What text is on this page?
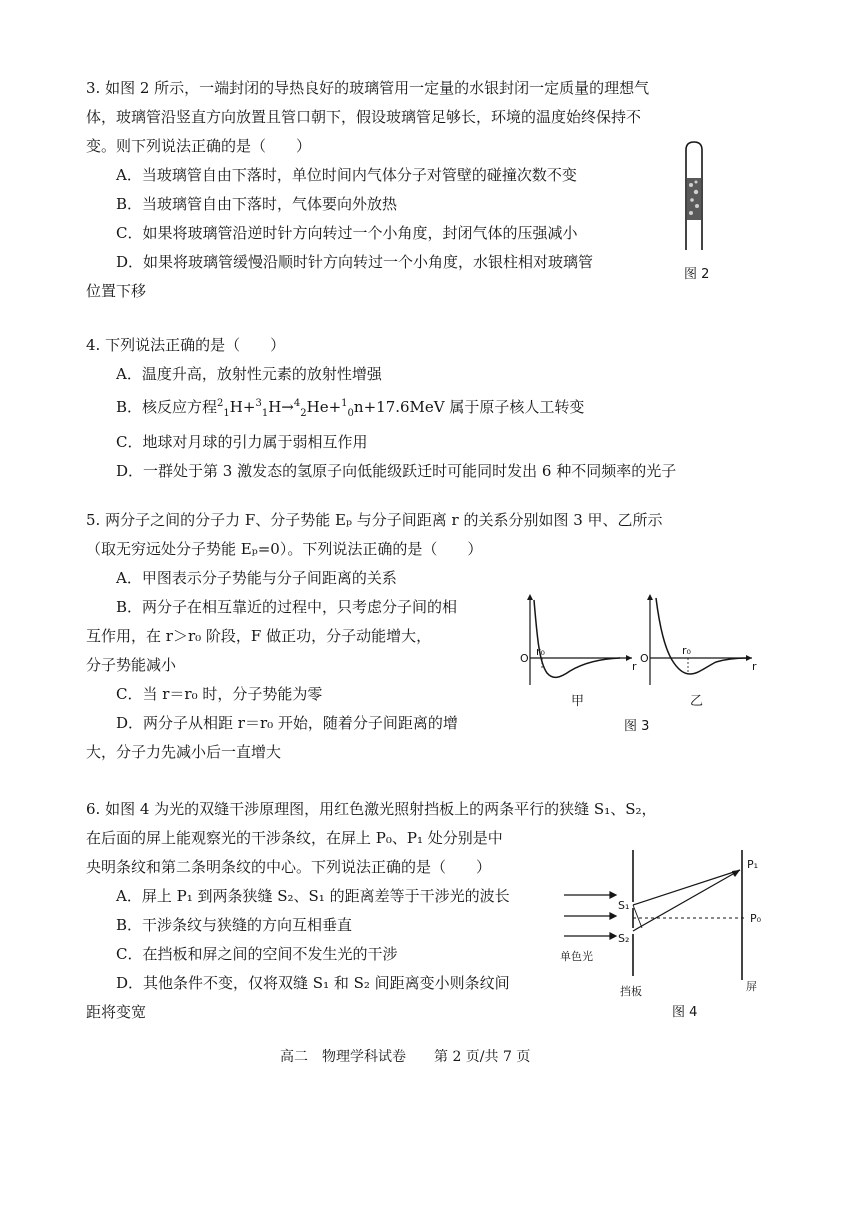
3. 如图 2 所示，一端封闭的导热良好的玻璃管用一定量的水银封闭一定质量的理想气
体，玻璃管沿竖直方向放置且管口朝下，假设玻璃管足够长，环境的温度始终保持不
变。则下列说法正确的是（　　）
A．当玻璃管自由下落时，单位时间内气体分子对管壁的碰撞次数不变
B．当玻璃管自由下落时，气体要向外放热
C．如果将玻璃管沿逆时针方向转过一个小角度，封闭气体的压强减小
D．如果将玻璃管缓慢沿顺时针方向转过一个小角度，水银柱相对玻璃管
位置下移
图 2
4. 下列说法正确的是（　　）
A．温度升高，放射性元素的放射性增强
B．核反应方程$^2_1$H+$^3_1$H→$^4_2$He+$^1_0$n+17.6MeV 属于原子核人工转变
C．地球对月球的引力属于弱相互作用
D．一群处于第 3 激发态的氢原子向低能级跃迁时可能同时发出 6 种不同频率的光子
5. 两分子之间的分子力 F、分子势能 Eₚ 与分子间距离 r 的关系分别如图 3 甲、乙所示
（取无穷远处分子势能 Eₚ=0）。下列说法正确的是（　　）
A．甲图表示分子势能与分子间距离的关系
B．两分子在相互靠近的过程中，只考虑分子间的相
互作用，在 r＞r₀ 阶段，F 做正功，分子动能增大，
分子势能减小
C．当 r＝r₀ 时，分子势能为零
D．两分子从相距 r＝r₀ 开始，随着分子间距离的增
大，分子力先减小后一直增大
O
r
r₀
甲
O
r
r₀
乙
图 3
6. 如图 4 为光的双缝干涉原理图，用红色激光照射挡板上的两条平行的狭缝 S₁、S₂，
在后面的屏上能观察光的干涉条纹，在屏上 P₀、P₁ 处分别是中
央明条纹和第二条明条纹的中心。下列说法正确的是（　　）
A．屏上 P₁ 到两条狭缝 S₂、S₁ 的距离差等于干涉光的波长
B．干涉条纹与狭缝的方向互相垂直
C．在挡板和屏之间的空间不发生光的干涉
D．其他条件不变，仅将双缝 S₁ 和 S₂ 间距离变小则条纹间
距将变宽
S₁
S₂
P₁
P₀
单色光
挡板	屏
图 4
高二　物理学科试卷　　第 2 页/共 7 页
